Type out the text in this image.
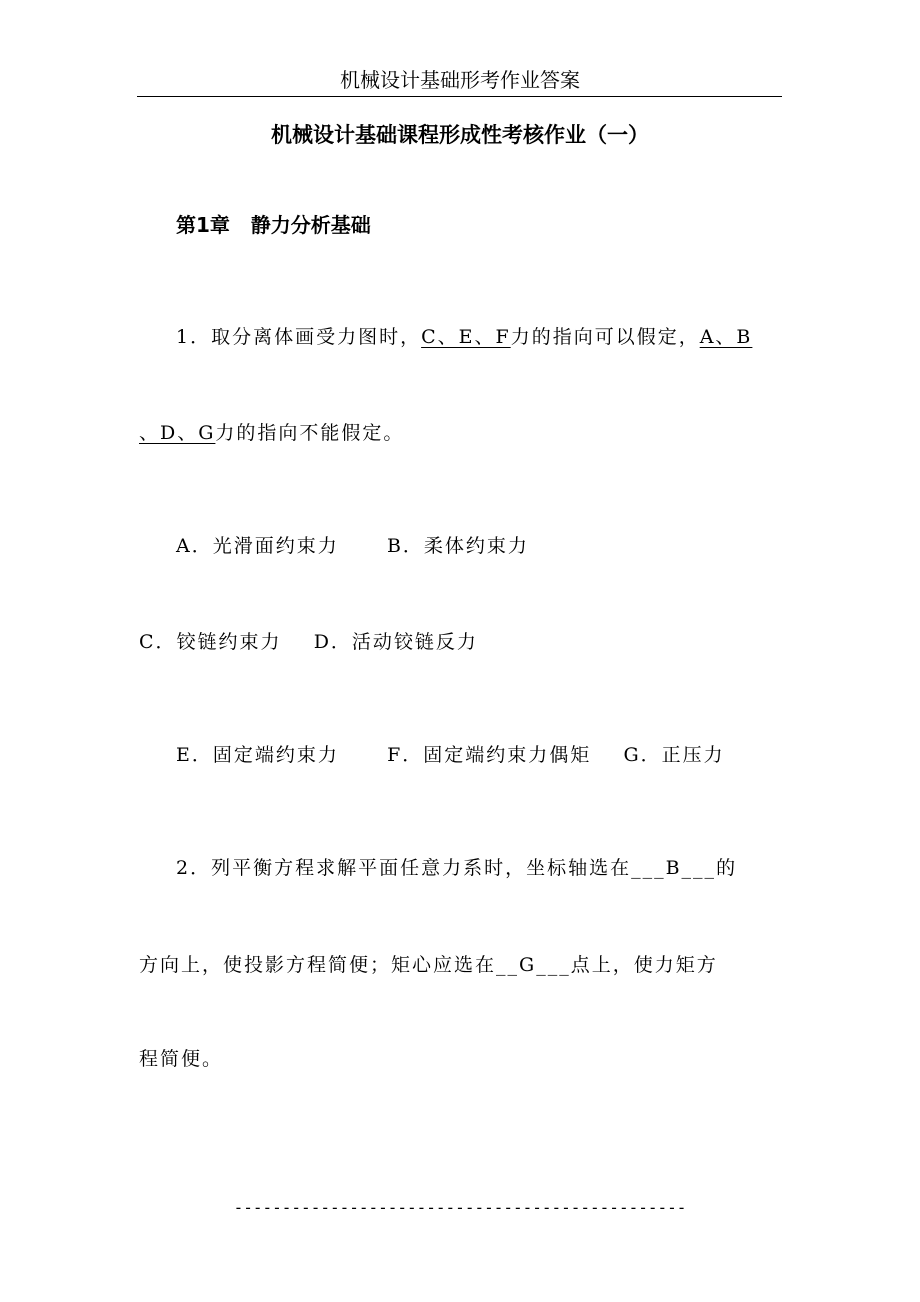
机械设计基础形考作业答案
机械设计基础课程形成性考核作业（一）
第1章   静力分析基础
1．取分离体画受力图时，C、E、F力的指向可以假定，A、B
、D、G力的指向不能假定。
A．光滑面约束力      B．柔体约束力
C．铰链约束力    D．活动铰链反力
E．固定端约束力      F．固定端约束力偶矩    G．正压力
2．列平衡方程求解平面任意力系时，坐标轴选在___B___的
方向上，使投影方程简便；矩心应选在__G___点上，使力矩方
程简便。
-----------------------------------------------
